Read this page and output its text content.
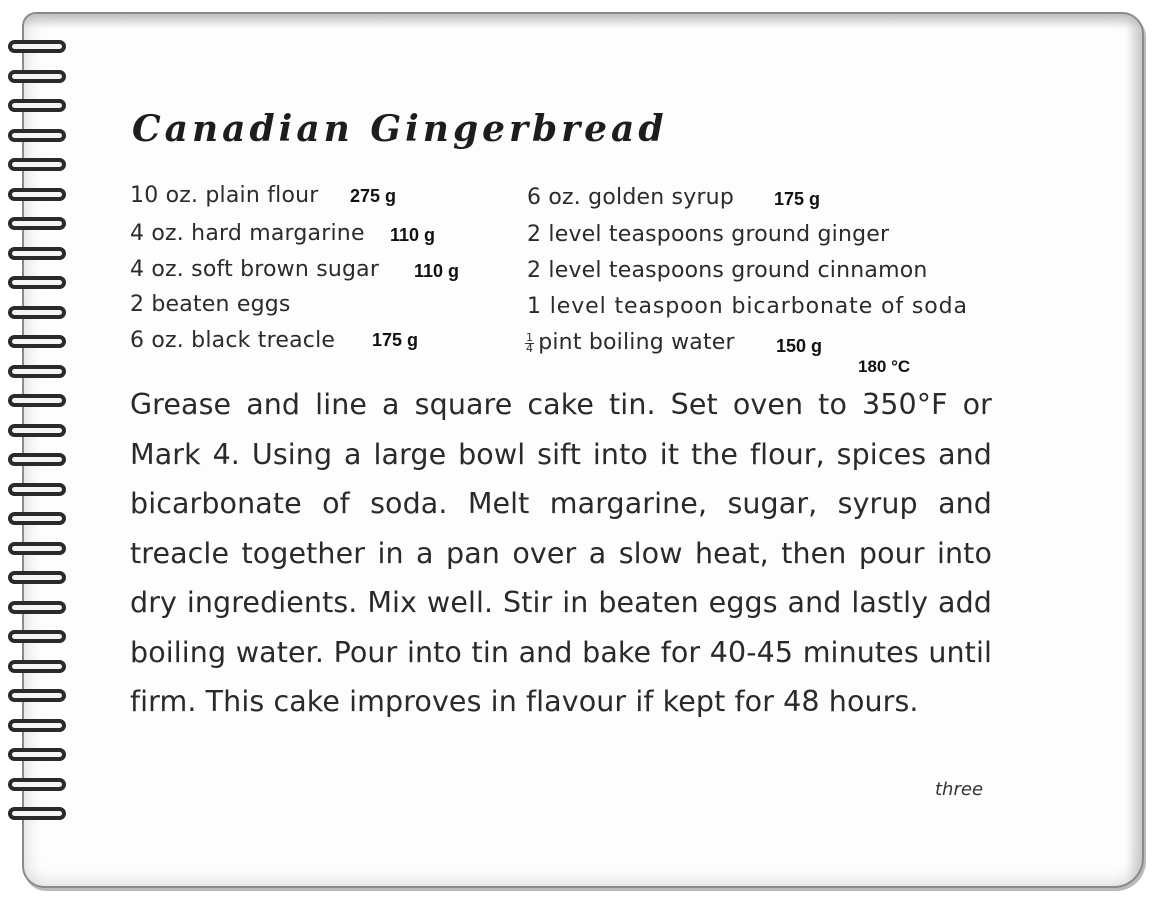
Canadian Gingerbread
10 oz. plain flour 275 g
4 oz. hard margarine 110 g
4 oz. soft brown sugar 110 g
2 beaten eggs
6 oz. black treacle 175 g
6 oz. golden syrup 175 g
2 level teaspoons ground ginger
2 level teaspoons ground cinnamon
1 level teaspoon bicarbonate of soda
$\frac{1}{4}$ pint boiling water 150 g
180 °C

Grease and line a square cake tin. Set oven to 350°F or Mark 4. Using a large bowl sift into it the flour, spices and bicarbonate of soda. Melt margarine, sugar, syrup and treacle together in a pan over a slow heat, then pour into dry ingredients. Mix well. Stir in beaten eggs and lastly add boiling water. Pour into tin and bake for 40-45 minutes until firm. This cake improves in flavour if kept for 48 hours.

three
